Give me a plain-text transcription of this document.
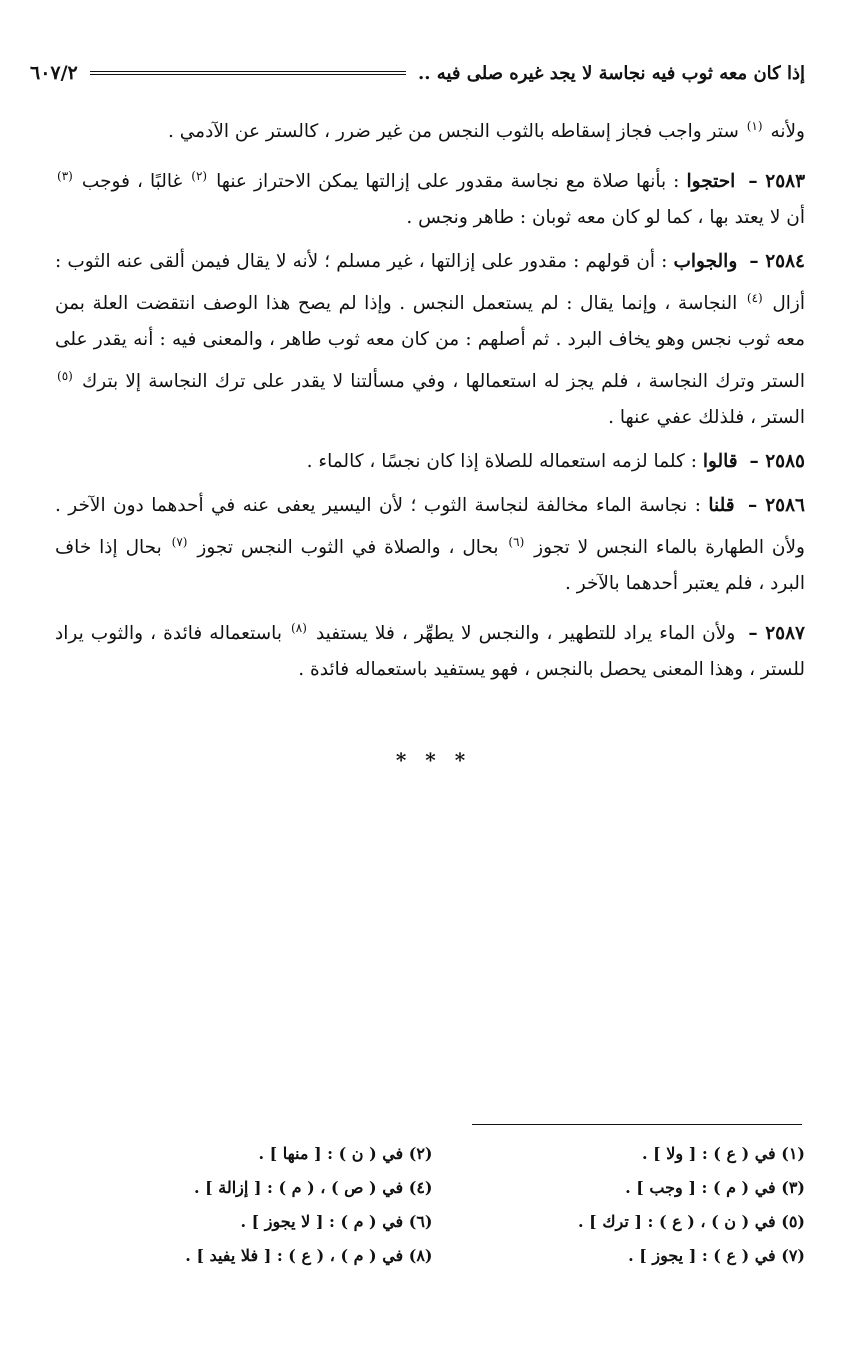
إذا كان معه ثوب فيه نجاسة لا يجد غيره صلى فيه ..
٦٠٧/٢

ولأنه $^{(١)}$ ستر واجب فجاز إسقاطه بالثوب النجس من غير ضرر ، كالستر عن الآدمي .

٢٥٨٣ – احتجوا : بأنها صلاة مع نجاسة مقدور على إزالتها يمكن الاحتراز عنها $^{(٢)}$ غالبًا ، فوجب $^{(٣)}$ أن لا يعتد بها ، كما لو كان معه ثوبان : طاهر ونجس .

٢٥٨٤ – والجواب : أن قولهم : مقدور على إزالتها ، غير مسلم ؛ لأنه لا يقال فيمن ألقى عنه الثوب : أزال $^{(٤)}$ النجاسة ، وإنما يقال : لم يستعمل النجس . وإذا لم يصح هذا الوصف انتقضت العلة بمن معه ثوب نجس وهو يخاف البرد . ثم أصلهم : من كان معه ثوب طاهر ، والمعنى فيه : أنه يقدر على الستر وترك النجاسة ، فلم يجز له استعمالها ، وفي مسألتنا لا يقدر على ترك النجاسة إلا بترك $^{(٥)}$ الستر ، فلذلك عفي عنها .

٢٥٨٥ – قالوا : كلما لزمه استعماله للصلاة إذا كان نجسًا ، كالماء .

٢٥٨٦ – قلنا : نجاسة الماء مخالفة لنجاسة الثوب ؛ لأن اليسير يعفى عنه في أحدهما دون الآخر . ولأن الطهارة بالماء النجس لا تجوز $^{(٦)}$ بحال ، والصلاة في الثوب النجس تجوز $^{(٧)}$ بحال إذا خاف البرد ، فلم يعتبر أحدهما بالآخر .

٢٥٨٧ – ولأن الماء يراد للتطهير ، والنجس لا يطهِّر ، فلا يستفيد $^{(٨)}$ باستعماله فائدة ، والثوب يراد للستر ، وهذا المعنى يحصل بالنجس ، فهو يستفيد باستعماله فائدة .

* * *
(١) في ( ع ) : [ ولا ] .
(٢) في ( ن ) : [ منها ] .
(٣) في ( م ) : [ وجب ] .
(٤) في ( ص ) ، ( م ) : [ إزالة ] .
(٥) في ( ن ) ، ( ع ) : [ ترك ] .
(٦) في ( م ) : [ لا يجوز ] .
(٧) في ( ع ) : [ يجوز ] .
(٨) في ( م ) ، ( ع ) : [ فلا يفيد ] .
